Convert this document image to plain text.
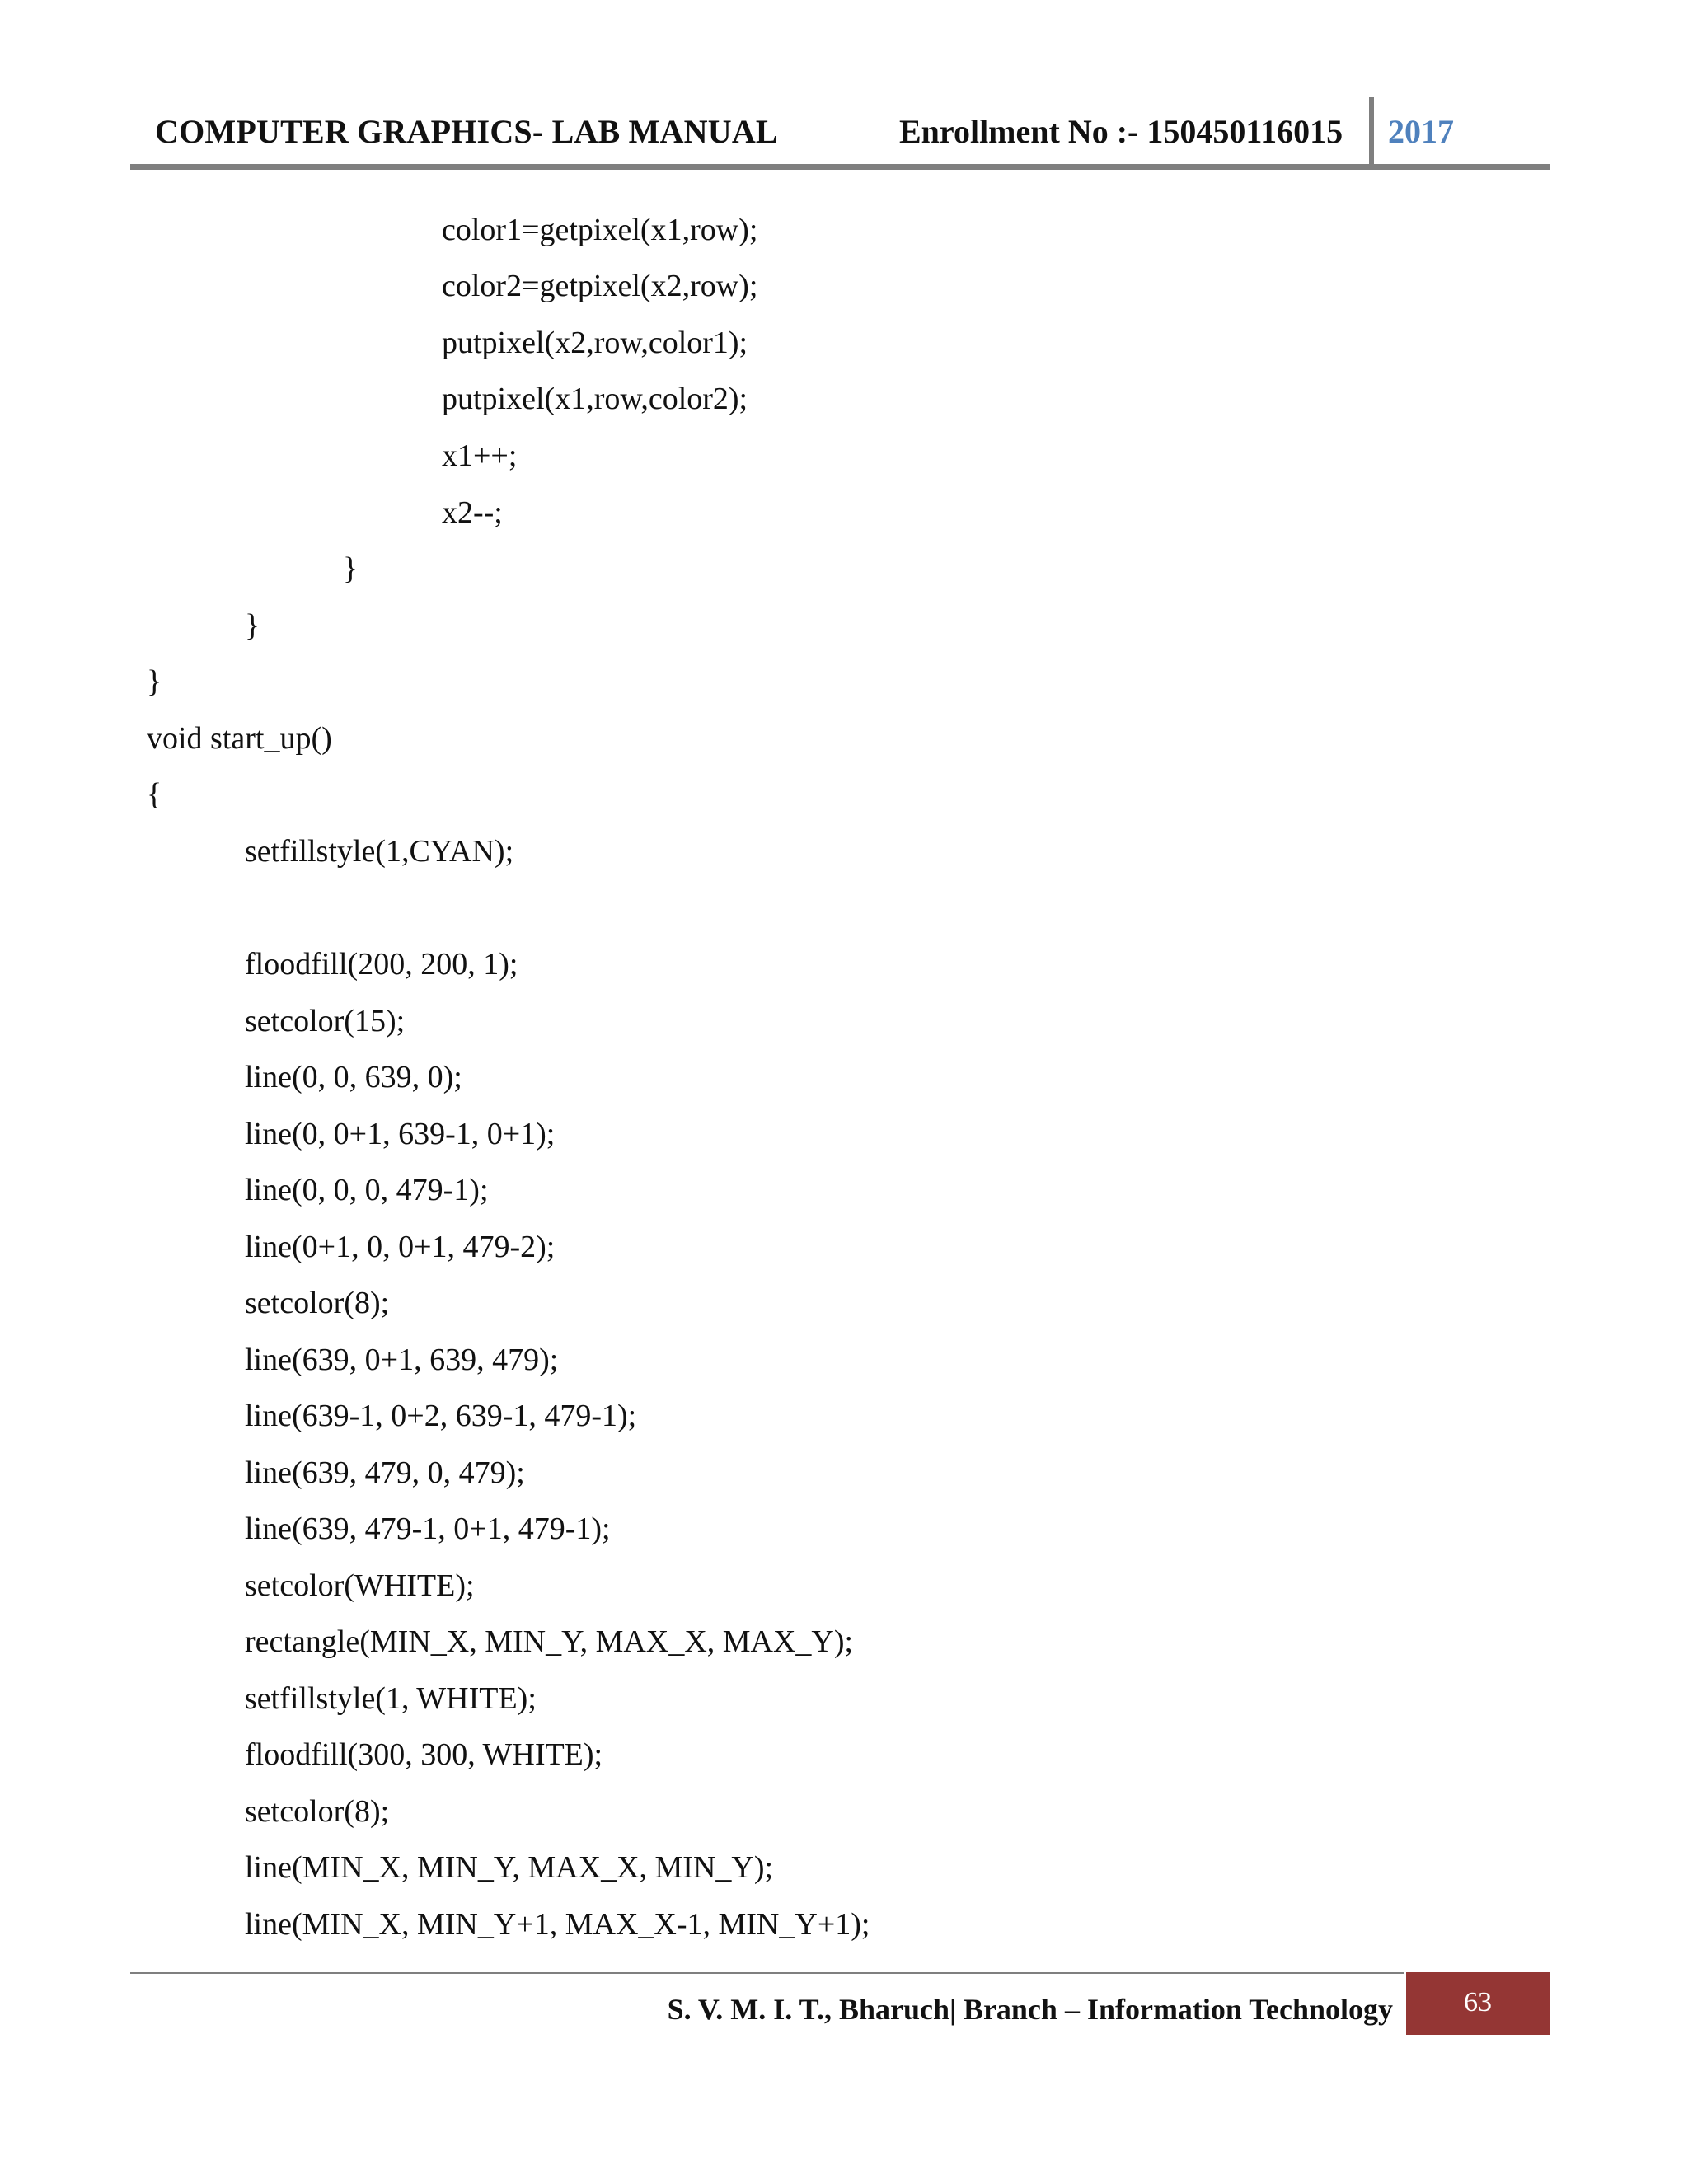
COMPUTER GRAPHICS- LAB MANUAL	Enrollment No :- 150450116015 2017
color1=getpixel(x1,row);
color2=getpixel(x2,row);
putpixel(x2,row,color1);
putpixel(x1,row,color2);
x1++;
x2--;
}
}
}
void start_up()
{
setfillstyle(1,CYAN);
floodfill(200, 200, 1);
setcolor(15);
line(0, 0, 639, 0);
line(0, 0+1, 639-1, 0+1);
line(0, 0, 0, 479-1);
line(0+1, 0, 0+1, 479-2);
setcolor(8);
line(639, 0+1, 639, 479);
line(639-1, 0+2, 639-1, 479-1);
line(639, 479, 0, 479);
line(639, 479-1, 0+1, 479-1);
setcolor(WHITE);
rectangle(MIN_X, MIN_Y, MAX_X, MAX_Y);
setfillstyle(1, WHITE);
floodfill(300, 300, WHITE);
setcolor(8);
line(MIN_X, MIN_Y, MAX_X, MIN_Y);
line(MIN_X, MIN_Y+1, MAX_X-1, MIN_Y+1);
S. V. M. I. T., Bharuch| Branch – Information Technology	63
